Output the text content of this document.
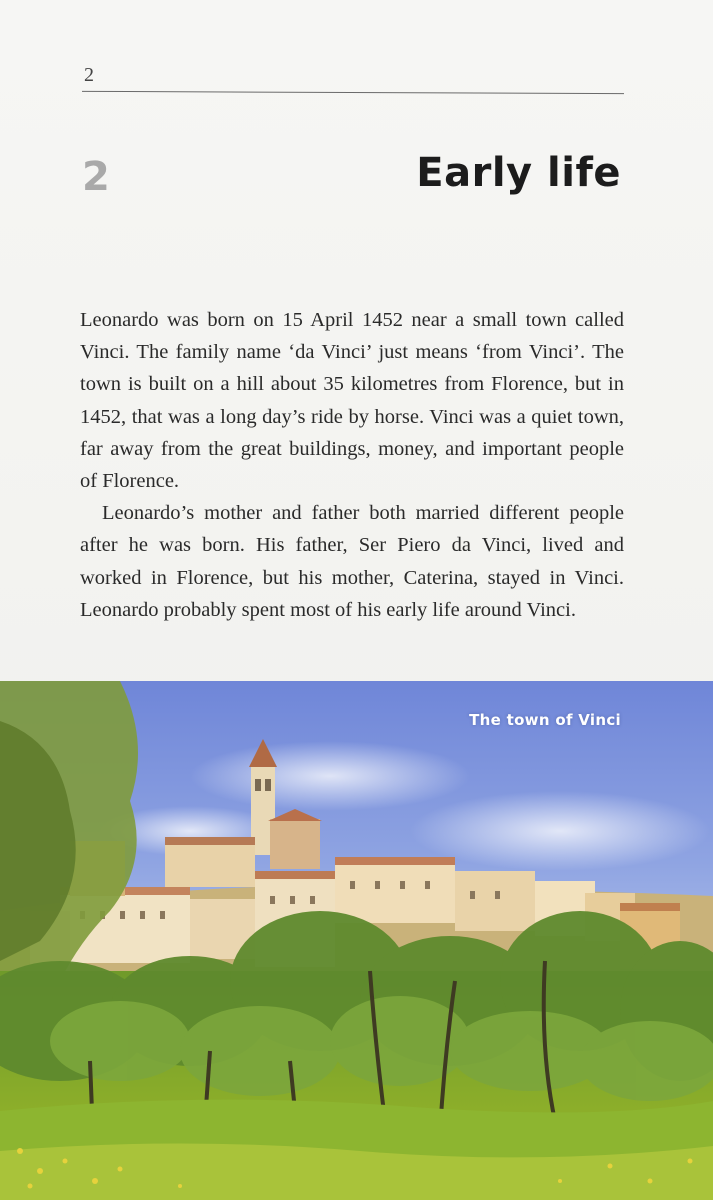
2
2	Early life

Leonardo was born on 15 April 1452 near a small town called Vinci. The family name ‘da Vinci’ just means ‘from Vinci’. The town is built on a hill about 35 kilometres from Florence, but in 1452, that was a long day’s ride by horse. Vinci was a quiet town, far away from the great buildings, money, and important people of Florence.

Leonardo’s mother and father both married different people after he was born. His father, Ser Piero da Vinci, lived and worked in Florence, but his mother, Caterina, stayed in Vinci. Leonardo probably spent most of his early life around Vinci.

The town of Vinci
